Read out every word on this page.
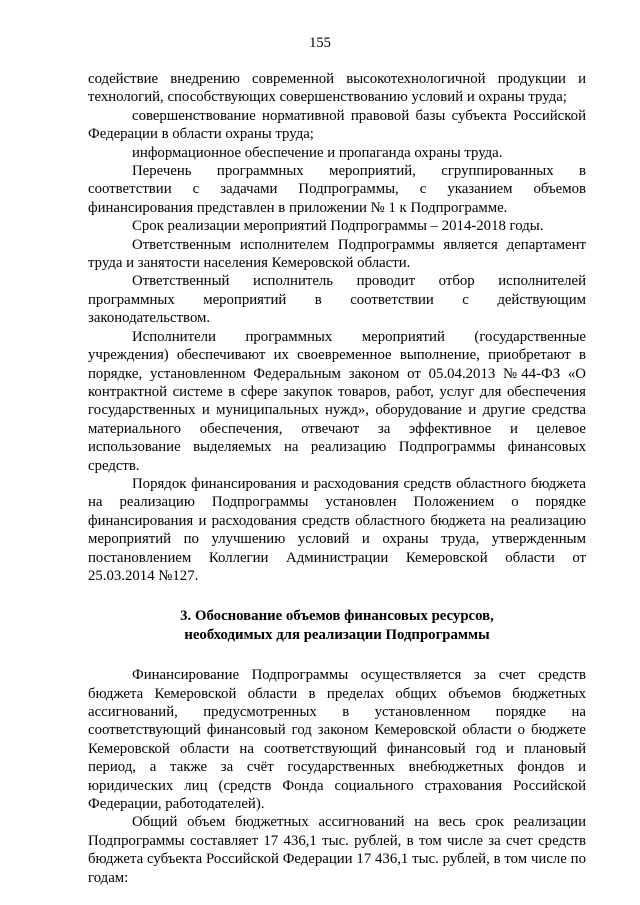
155

содействие внедрению современной высокотехнологичной продукции и технологий, способствующих совершенствованию условий и охраны труда;

совершенствование нормативной правовой базы субъекта Российской Федерации в области охраны труда;

информационное обеспечение и пропаганда охраны труда.

Перечень программных мероприятий, сгруппированных в соответствии с задачами Подпрограммы, с указанием объемов финансирования представлен в приложении № 1 к Подпрограмме.

Срок реализации мероприятий Подпрограммы – 2014-2018 годы.

Ответственным исполнителем Подпрограммы является департамент труда и занятости населения Кемеровской области.

Ответственный исполнитель проводит отбор исполнителей программных мероприятий в соответствии с действующим законодательством.

Исполнители программных мероприятий (государственные учреждения) обеспечивают их своевременное выполнение, приобретают в порядке, установленном Федеральным законом от 05.04.2013 №44-ФЗ «О контрактной системе в сфере закупок товаров, работ, услуг для обеспечения государственных и муниципальных нужд», оборудование и другие средства материального обеспечения, отвечают за эффективное и целевое использование выделяемых на реализацию Подпрограммы финансовых средств.

Порядок финансирования и расходования средств областного бюджета на реализацию Подпрограммы установлен Положением о порядке финансирования и расходования средств областного бюджета на реализацию мероприятий по улучшению условий и охраны труда, утвержденным постановлением Коллегии Администрации Кемеровской области от 25.03.2014 №127.

3. Обоснование объемов финансовых ресурсов,
необходимых для реализации Подпрограммы

Финансирование Подпрограммы осуществляется за счет средств бюджета Кемеровской области в пределах общих объемов бюджетных ассигнований, предусмотренных в установленном порядке на соответствующий финансовый год законом Кемеровской области о бюджете Кемеровской области на соответствующий финансовый год и плановый период, а также за счёт государственных внебюджетных фондов и юридических лиц (средств Фонда социального страхования Российской Федерации, работодателей).

Общий объем бюджетных ассигнований на весь срок реализации Подпрограммы составляет 17 436,1 тыс. рублей, в том числе за счет средств бюджета субъекта Российской Федерации 17 436,1 тыс. рублей, в том числе по годам:
